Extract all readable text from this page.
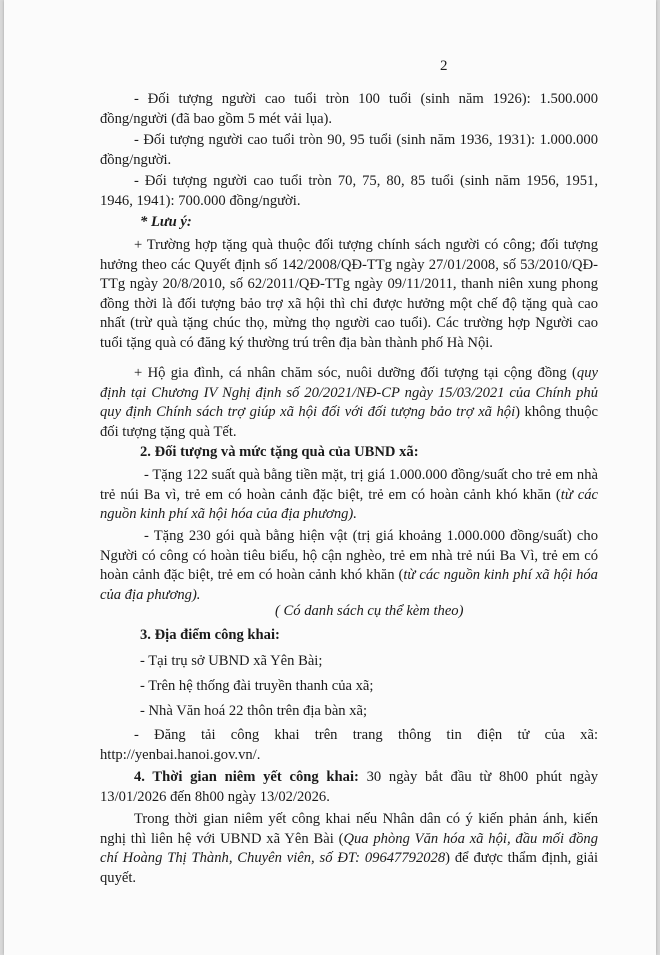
2
- Đối tượng người cao tuổi tròn 100 tuổi (sinh năm 1926): 1.500.000 đồng/người (đã bao gồm 5 mét vải lụa).
- Đối tượng người cao tuổi tròn 90, 95 tuổi (sinh năm 1936, 1931): 1.000.000 đồng/người.
- Đối tượng người cao tuổi tròn 70, 75, 80, 85 tuổi (sinh năm 1956, 1951, 1946, 1941): 700.000 đồng/người.
* Lưu ý:
+ Trường hợp tặng quà thuộc đối tượng chính sách người có công; đối tượng hưởng theo các Quyết định số 142/2008/QĐ-TTg ngày 27/01/2008, số 53/2010/QĐ-TTg ngày 20/8/2010, số 62/2011/QĐ-TTg ngày 09/11/2011, thanh niên xung phong đồng thời là đối tượng bảo trợ xã hội thì chỉ được hưởng một chế độ tặng quà cao nhất (trừ quà tặng chúc thọ, mừng thọ người cao tuổi). Các trường hợp Người cao tuổi tặng quà có đăng ký thường trú trên địa bàn thành phố Hà Nội.
+ Hộ gia đình, cá nhân chăm sóc, nuôi dưỡng đối tượng tại cộng đồng (quy định tại Chương IV Nghị định số 20/2021/NĐ-CP ngày 15/03/2021 của Chính phủ quy định Chính sách trợ giúp xã hội đối với đối tượng bảo trợ xã hội) không thuộc đối tượng tặng quà Tết.
2. Đối tượng và mức tặng quà của UBND xã:
- Tặng 122 suất quà bằng tiền mặt, trị giá 1.000.000 đồng/suất cho trẻ em nhà trẻ núi Ba vì, trẻ em có hoàn cảnh đặc biệt, trẻ em có hoàn cảnh khó khăn (từ các nguồn kinh phí xã hội hóa của địa phương).
- Tặng 230 gói quà bằng hiện vật (trị giá khoảng 1.000.000 đồng/suất) cho Người có công có hoàn tiêu biểu, hộ cận nghèo, trẻ em nhà trẻ núi Ba Vì, trẻ em có hoàn cảnh đặc biệt, trẻ em có hoàn cảnh khó khăn (từ các nguồn kinh phí xã hội hóa của địa phương).
( Có danh sách cụ thể kèm theo)
3. Địa điểm công khai:
- Tại trụ sở UBND xã Yên Bài;
- Trên hệ thống đài truyền thanh của xã;
- Nhà Văn hoá 22 thôn trên địa bàn xã;
- Đăng tải công khai trên trang thông tin điện tử của xã: http://yenbai.hanoi.gov.vn/.
4. Thời gian niêm yết công khai: 30 ngày bắt đầu từ 8h00 phút ngày 13/01/2026 đến 8h00 ngày 13/02/2026.
Trong thời gian niêm yết công khai nếu Nhân dân có ý kiến phản ánh, kiến nghị thì liên hệ với UBND xã Yên Bài (Qua phòng Văn hóa xã hội, đầu mối đồng chí Hoàng Thị Thành, Chuyên viên, số ĐT: 09647792028) để được thẩm định, giải quyết.
